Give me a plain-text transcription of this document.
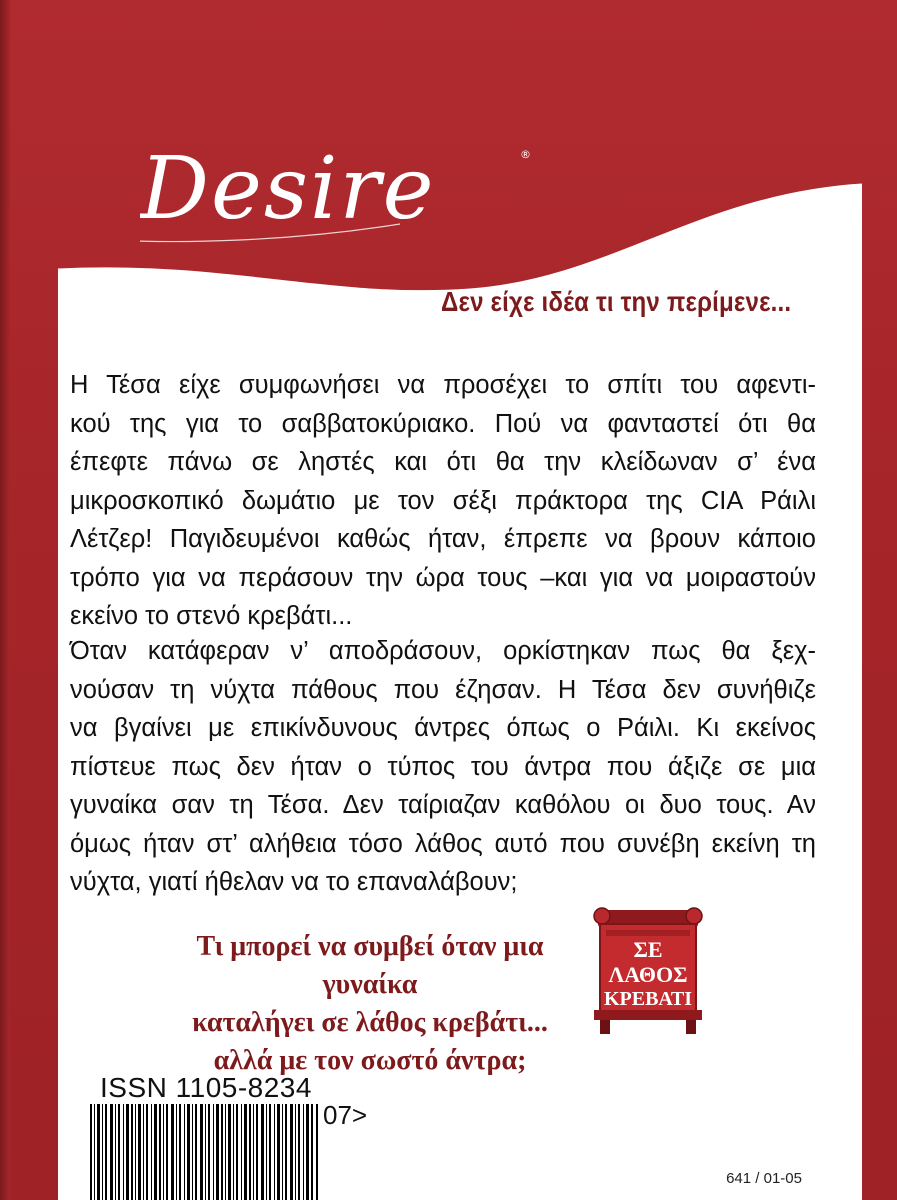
Desire	®
Δεν είχε ιδέα τι την περίμενε...
Η Τέσα είχε συμφωνήσει να προσέχει το σπίτι του αφεντι-
κού της για το σαββατοκύριακο. Πού να φανταστεί ότι θα
έπεφτε πάνω σε ληστές και ότι θα την κλείδωναν σ’ ένα
μικροσκοπικό δωμάτιο με τον σέξι πράκτορα της CIA Ράιλι
Λέτζερ! Παγιδευμένοι καθώς ήταν, έπρεπε να βρουν κάποιο
τρόπο για να περάσουν την ώρα τους –και για να μοιραστούν
εκείνο το στενό κρεβάτι...
Όταν κατάφεραν ν’ αποδράσουν, ορκίστηκαν πως θα ξεχ-
νούσαν τη νύχτα πάθους που έζησαν. Η Τέσα δεν συνήθιζε
να βγαίνει με επικίνδυνους άντρες όπως ο Ράιλι. Κι εκείνος
πίστευε πως δεν ήταν ο τύπος του άντρα που άξιζε σε μια
γυναίκα σαν τη Τέσα. Δεν ταίριαζαν καθόλου οι δυο τους. Αν
όμως ήταν στ’ αλήθεια τόσο λάθος αυτό που συνέβη εκείνη τη
νύχτα, γιατί ήθελαν να το επαναλάβουν;
Τι μπορεί να συμβεί όταν μια γυναίκα
καταλήγει σε λάθος κρεβάτι...
αλλά με τον σωστό άντρα;
ΣΕ
ΛΑΘΟΣ
ΚΡΕΒΑΤΙ
ISSN 1105-8234
07>
641 / 01-05
